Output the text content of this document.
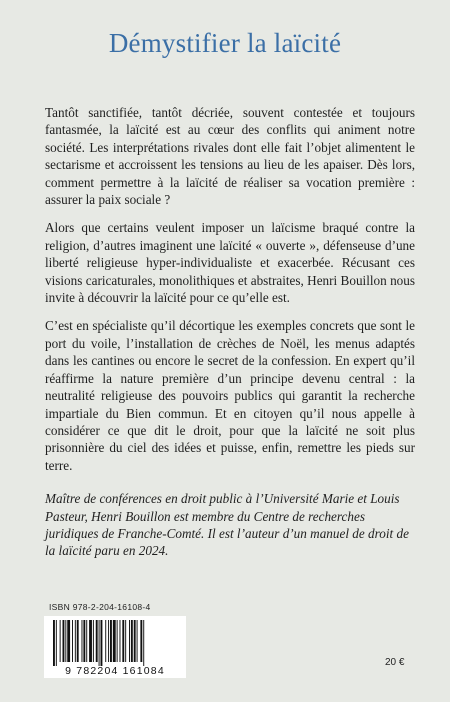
Démystifier la laïcité

Tantôt sanctifiée, tantôt décriée, souvent contestée et toujours fantasmée, la laïcité est au cœur des conflits qui animent notre société. Les interprétations rivales dont elle fait l’objet alimentent le sectarisme et accroissent les tensions au lieu de les apaiser. Dès lors, comment permettre à la laïcité de réaliser sa vocation première : assurer la paix sociale ?

Alors que certains veulent imposer un laïcisme braqué contre la religion, d’autres imaginent une laïcité « ouverte », défenseuse d’une liberté religieuse hyper-individualiste et exacerbée. Récusant ces visions caricaturales, monolithiques et abstraites, Henri Bouillon nous invite à découvrir la laïcité pour ce qu’elle est.

C’est en spécialiste qu’il décortique les exemples concrets que sont le port du voile, l’installation de crèches de Noël, les menus adaptés dans les cantines ou encore le secret de la confession. En expert qu’il réaffirme la nature première d’un principe devenu central : la neutralité religieuse des pouvoirs publics qui garantit la recherche impartiale du Bien commun. Et en citoyen qu’il nous appelle à considérer ce que dit le droit, pour que la laïcité ne soit plus prisonnière du ciel des idées et puisse, enfin, remettre les pieds sur terre.

Maître de conférences en droit public à l’Université Marie et Louis Pasteur, Henri Bouillon est membre du Centre de recherches juridiques de Franche-Comté. Il est l’auteur d’un manuel de droit de la laïcité paru en 2024.

ISBN 978-2-204-16108-4
9 782204 161084
20 €
